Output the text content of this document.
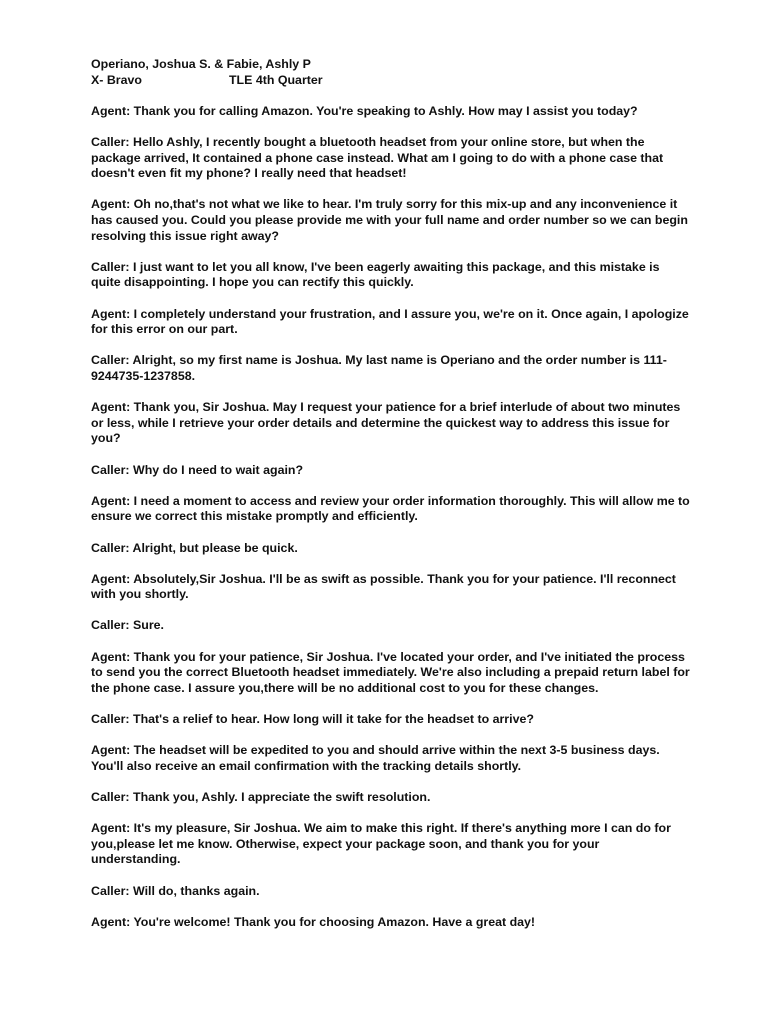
Operiano, Joshua S. & Fabie, Ashly P

X- Bravo	TLE 4th Quarter

Agent: Thank you for calling Amazon. You're speaking to Ashly. How may I assist you today?

Caller: Hello Ashly, I recently bought a bluetooth headset from your online store, but when the package arrived, It contained a phone case instead. What am I going to do with a phone case that doesn't even fit my phone? I really need that headset!

Agent: Oh no,that's not what we like to hear. I'm truly sorry for this mix-up and any inconvenience it has caused you. Could you please provide me with your full name and order number so we can begin resolving this issue right away?

Caller: I just want to let you all know, I've been eagerly awaiting this package, and this mistake is quite disappointing. I hope you can rectify this quickly.

Agent: I completely understand your frustration, and I assure you, we're on it. Once again, I apologize for this error on our part.

Caller: Alright, so my first name is Joshua. My last name is Operiano and the order number is 111-9244735-1237858.

Agent: Thank you, Sir Joshua. May I request your patience for a brief interlude of about two minutes or less, while I retrieve your order details and determine the quickest way to address this issue for you?

Caller: Why do I need to wait again?

Agent: I need a moment to access and review your order information thoroughly. This will allow me to ensure we correct this mistake promptly and efficiently.

Caller: Alright, but please be quick.

Agent: Absolutely,Sir Joshua. I'll be as swift as possible. Thank you for your patience. I'll reconnect with you shortly.

Caller: Sure.

Agent: Thank you for your patience, Sir Joshua. I've located your order, and I've initiated the process to send you the correct Bluetooth headset immediately. We're also including a prepaid return label for the phone case. I assure you,there will be no additional cost to you for these changes.

Caller: That's a relief to hear. How long will it take for the headset to arrive?

Agent: The headset will be expedited to you and should arrive within the next 3-5 business days. You'll also receive an email confirmation with the tracking details shortly.

Caller: Thank you, Ashly. I appreciate the swift resolution.

Agent: It's my pleasure, Sir Joshua. We aim to make this right. If there's anything more I can do for you,please let me know. Otherwise, expect your package soon, and thank you for your understanding.

Caller: Will do, thanks again.

Agent: You're welcome! Thank you for choosing Amazon. Have a great day!
